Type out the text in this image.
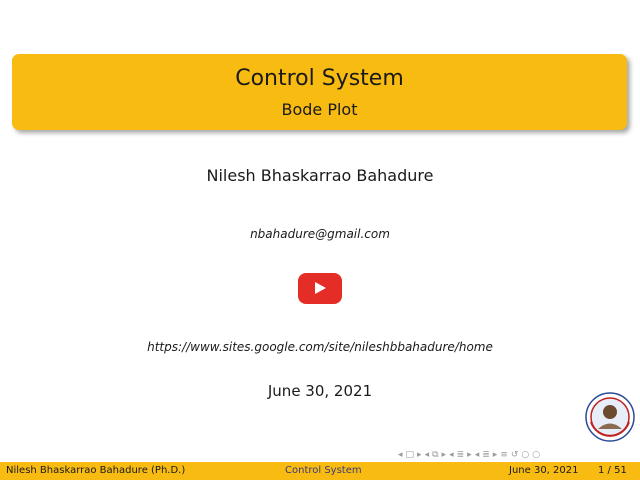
Control System
Bode Plot
Nilesh Bhaskarrao Bahadure
nbahadure@gmail.com
https://www.sites.google.com/site/nileshbbahadure/home
June 30, 2021
◂ □ ▸ ◂ ⧉ ▸ ◂ ≣ ▸ ◂ ≣ ▸ ≡ ↺ ○ ○
Nilesh Bhaskarrao Bahadure (Ph.D.)	Control System	June 30, 2021 1 / 51
